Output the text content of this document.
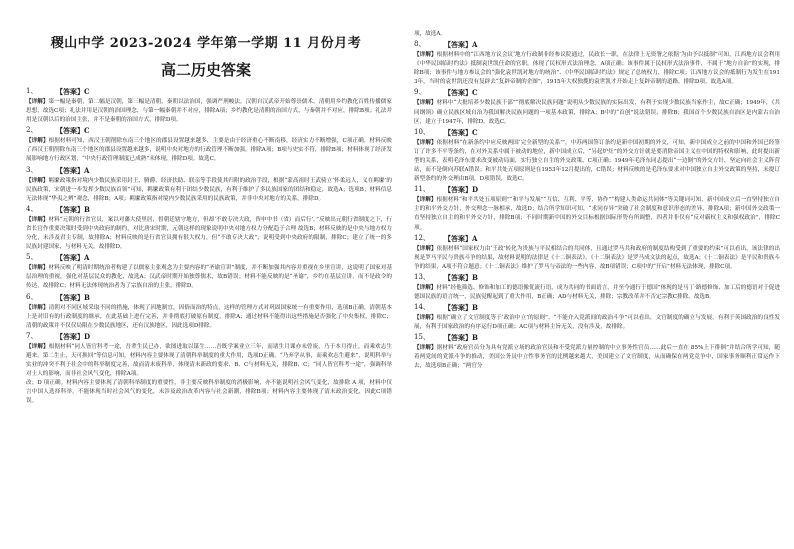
稷山中学 2023-2024 学年第一学期 11 月份月考
高二历史答案
1、	【答案】C
【详解】第一幅是秦朝，第二幅是汉朝，第三幅是清朝，秦朝以法治国，强调严刑峻法，汉朝自汉武帝开始尊崇儒术，清朝用乡约教化百姓传播儒家思想，故选C项；礼法并用是汉朝的治国理念，与第一幅秦朝并不对应，排除A项；乡约教化是清朝的治国方式，与秦朝并不对应，排除B项；礼法并用是汉朝以后的治国主张，并不是秦朝的治国方式，排除D项。
2、	【答案】C
【详解】根据材料可知，西汉王朝削除东南三个地区的郡县设置越来越多，主要是由于经济重心不断南移，经济实力不断增强，C项正确。材料反映了西汉王朝削除东南三个地区的郡县设置越来越多，说明中央对地方的行政管理不断加强，排除A项；B项与史实不符，排除B项；材料体现了经济发展影响地方行政区划，“中央行政管理制度已成熟”未体现，排除D项。故选C。
3、	【答案】A
【详解】羁縻政策指对境内少数民族采用封王、腾爵、经济扶助、联亲等手段使其归附的政治手段，根据“蒙高祖时王武骑立‘怀柔远人，义在羁縻’的民族政策，宋朝进一步发挥少数民族首领”可知，羁縻政策有利于团结少数民族，有利于维护了多民族国家的团结和稳定，故选A；选项B；材料信息无法体现“华夷之辨”观念，排除B；A项；羁縻政策指对境内少数民族采用的民族政策，并非中央对地方的关系，排除D。
4、	【答案】B
【详解】材料“元朝的行省官员，案以对藩大使里居，督朝廷辖守地方，但却‘不敢专决大政，咨申中书（省）而后行’。”反映出元朝行省制度之下，行省长官作重要决策时受到中央政府的制约，对比唐宋时期，元朝这样的现象说明中央对地方权力分配趋于合理 故选B；材料反映的是中央与地方权力分化，未涉及君主专制，故排除A；材料反映的是行省官员拥有很大权力，但“不敢专决大政”，说明受到中央政府的限制，排除C；建立了统一的多民族封建国家，与材料无关，故排除D。
5、	【答案】A
【详解】材料反映了明清时期统治者构建了以儒家主张观念为主要内容的“圣谕宣讲”制度，并不断加强其内容并重视在乡里宣讲，这说明了国家对基层治理的重视，强化对基层民众的教化，故选A；汉武帝时期开始独尊儒术，故B错误；材料不能反映的是“圣谕”，乡约在基层宣讲，而不是政令的传达，故排除C；材料无法体现统治者为了宗族自治的主张，排除D。
6、	【答案】B
【详解】清朝对不同区域采取不同的措施，体现了因地制宜，因俗而治的特点，这样的管理方式对巩固国家统一有重要作用，选项B正确。清朝基本上是对旧有的行政制度的继承，在此基础上进行完善，并非彻底打破原有制度，排除A；通过材料不能得出这些措施是否强化了中央集权，排除C；清朝的政策并不仅仅局限在少数民族地区，还有汉族地区，因此选项D排除。
7、	【答案】D
【详解】根据材料“同人皆官科考一途，吾辈生民已办，欲图进取以谋生……吾既学案业立三年，而诸生月课亦未曾废，乃于本月得止，而乘欢志生避来。第二生止，天可换回”等信息可知，材料内容主要体现了清朝科举制度的重大作用，选项D正确。“乃弃学从事，而乘欢志生避来”，说明科举与实业的冲突不利于社会中的科举制度完善，故而清末废科举，体现清末新政的要求，B、C与材料无关，排除B、C；“同人皆官科考一途”，强调科举对士人的影响，而非社会风气变化，排除A项。
改；D 项正确。材料内容主要体现了清朝科举制度的重要性，非主要反映科举制度的消极影响，亦不能说明社会风气变化，故排除 A 项，材料中仅言中国人选择科举，不能体现当时社会风气的变化，未涉及政治改革内容与社会新潮，排除B项；材料内容主要体现了清末政治变化，因此C项错误。
项，故选A。
8、	【答案】A
【详解】根据材料中的“江西地方议会议‘地方行政制非经参议院通过，民政长一职，在法律上无资署之依据’为由予以抵制”可知，江西地方议会利用《中华民国临时约法》抵制袁世凯任命的官职，体现了民权形式法治理念，A项正确；该事件属于民权形式法治事件，不属于“地方自治”的实现，排除B项；该事件与地方参议会的“强化袁世凯对地方的统治”、《中华民国临时约法》规定了总统权力，排除C项；江西地方议会的抵制行为发生在1913年，当时的袁世凯还没有复辟去“复辟帝制的企图”，1915年大权独揽的袁世凯才开始走上复辟帝制的道路，排除D项。故选A项。
9、	【答案】C
【详解】材料中“大批培养少数民族干部”“彻底解决民族问题”说明从少数民族的实际出发，有利于实现少数民族当家作主，故C正确；1949年，《共同纲领》确立民族区域自治为我国解决民族问题的一项基本政策，排除A；B中的“首创”说法错误，排除B；我国首个少数民族自治区是内蒙古自治区，建立于1947年，排除D。故选C。
10、 【答案】C
【详解】依据材料“在新条约中应反映两国‘完全新型的关系’”，中苏两国签订条约是新中国初期的外交，可知，新中国成立之前的中国和外国已经签订了许多不平等条约，在对外关系中属于被动的地位，新中国成立后，“另起炉灶”的外交方针就是要消除帝国主义在中国的特权和影响，此时提出新型的关系，表明毛泽东要求改变被动局面，实行独立自主的外交政策，C项正确；1949年毛泽东同志提出“一边倒”的外交方针，坚定向社会主义阵营站，而不是倒向苏联A错误；和平共处五项原则是在1953年12月提出的，C错误；材料反映的是毛泽东要求对中国独立自主外交政策的坚持，未提订新型条约的外交理由B项，D项错误，故选C。
11、 【答案】D
【详解】根据材料“和平共处五项原则”“和平与发展”“互信、互利、平等、协作”“构建人类命运共同体”等关键词可知，新中国成立后一直坚持独立自主的和平外交方针，外交理念一脉相承，故选D；结合所学知识可知，“求同存异”突破了社会制度和意识形态的差异，排除A项；新中国外交政策一直坚持独立自主的和平外交方针，排除B项；不同时期新中国的外交目标根据国际形势有所调整，四者并非仅有“反对霸权主义和强权政治”，排除C项。
12、 【答案】A
【详解】依据材料“国家权力由‘王政’转化为贵族与平民相结合的共同体，且通过罗马共和政府的制度结构受到了重要的约束”可以看出，该法律的出现是罗马平民与贵族斗争的结果，故材料说明的法律是《十二铜表法》，《十二铜表法》是罗马成文法的起点，故选A；《十二铜表法》是平民和贵族斗争的结果，A项不符合题意；《十二铜表法》维护了罗马与帝法的一些内容，故B项错误；C项中的“开启”材料无法体现，排除C项。
13、 【答案】B
【详解】材料“经他筛选、修饰和加工的德语像优流行语，成为共同的书面语言，并至今通行于德国”体现的是马丁·路德修饰、加工后的德语对于促进德国民族的语言统一，民族觉醒起到了重大作用，B正确；AD与材料无关，排除；宗教改革并不否定宗教C排除。故选B。
14、 【答案】B
【详解】根据“确立了文官制度等于‘政治中立’的原则”、“不能介入党派间的政治斗争”可以看出，文官制度的确立与发展，有利于英国政治的良性发展，有利于国家政治的有序运行D项正确；AC项与材料主旨无关，没有涉及，故排除。
15、 【答案】B
【详解】据材料“政府官员分为具有党派立场的政治官员和不受党派力量控制的中立事务性官员……此后一直在 85%上下徘徊”并结合所学可知，随着两党间的党派斗争的推动，美国公务员中立性事务官的比例越来越大，美国建立了文官制度，从而确保在两党竞争中，国家事务顺利正常运作下去，故选项B正确；“两官分
